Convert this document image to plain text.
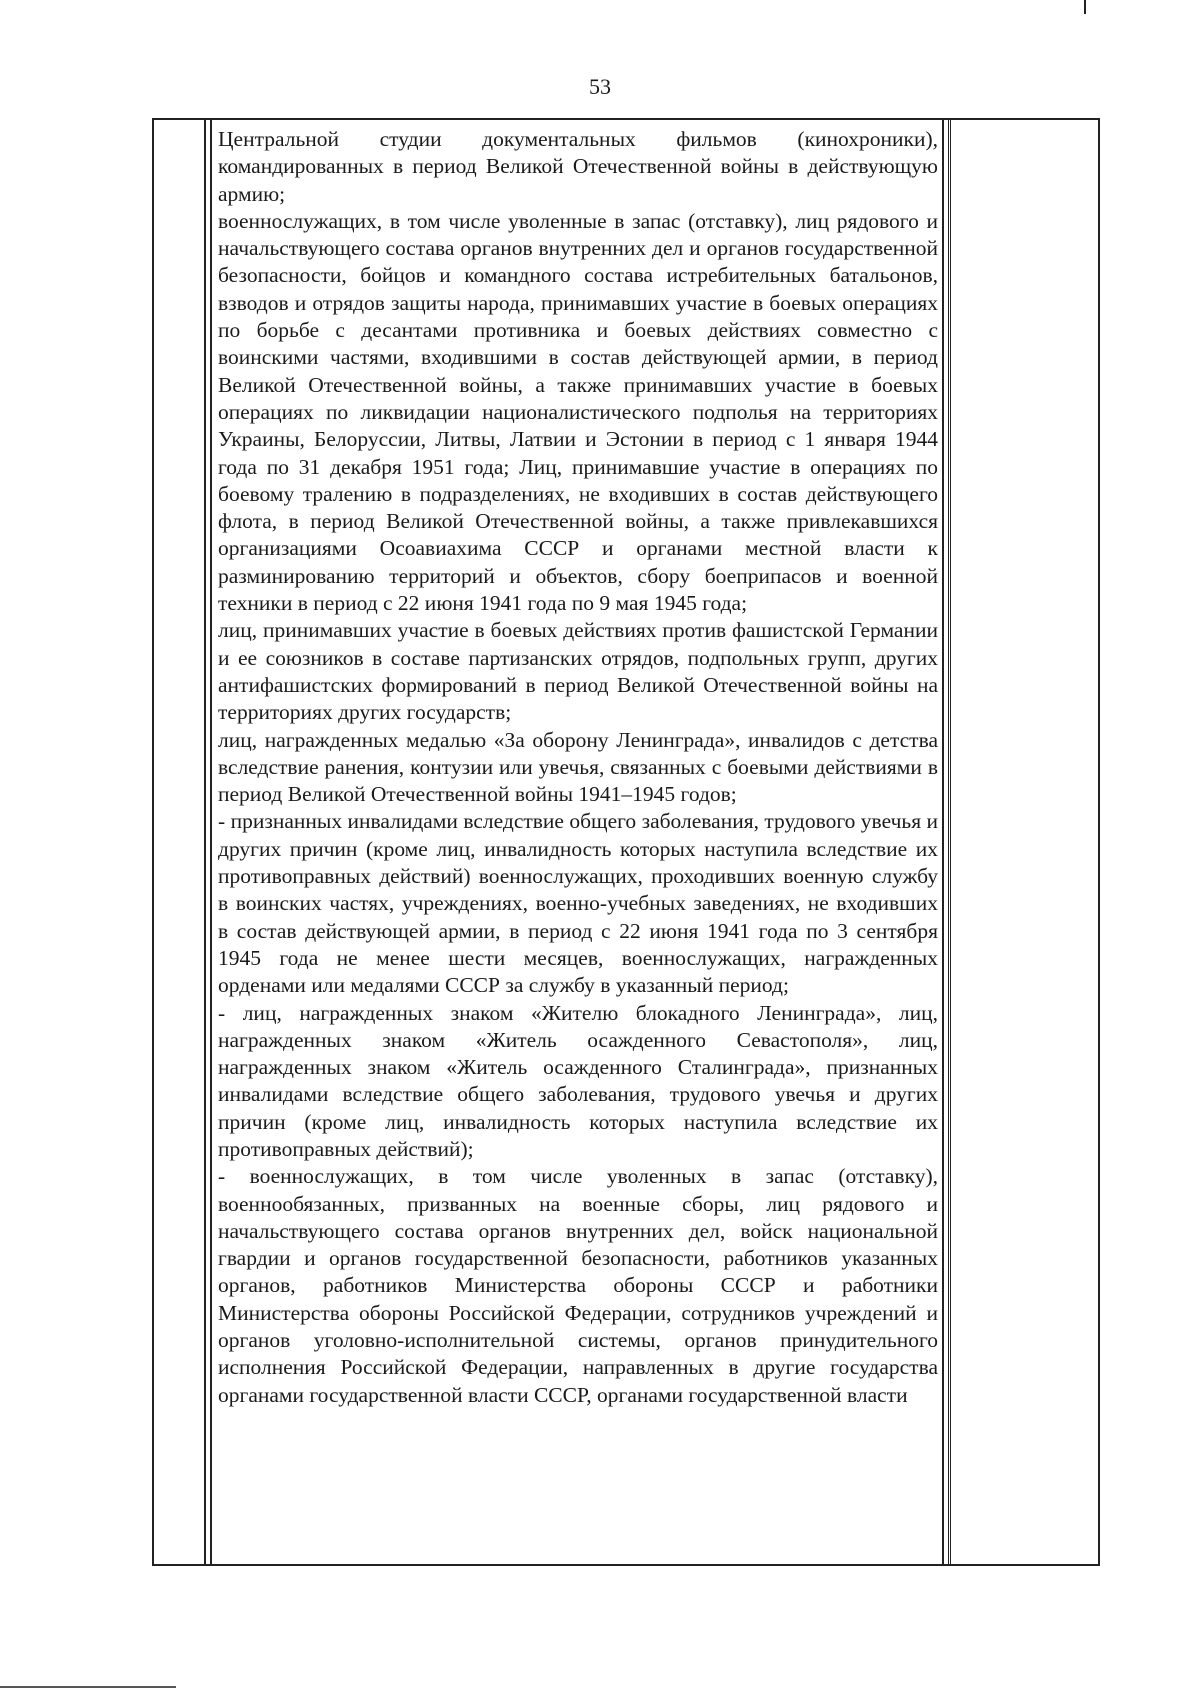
53

Центральной студии документальных фильмов (кинохроники), командированных в период Великой Отечественной войны в действующую армию;

военнослужащих, в том числе уволенные в запас (отставку), лиц рядового и начальствующего состава органов внутренних дел и органов государственной безопасности, бойцов и командного состава истребительных батальонов, взводов и отрядов защиты народа, принимавших участие в боевых операциях по борьбе с десантами противника и боевых действиях совместно с воинскими частями, входившими в состав действующей армии, в период Великой Отечественной войны, а также принимавших участие в боевых операциях по ликвидации националистического подполья на территориях Украины, Белоруссии, Литвы, Латвии и Эстонии в период с 1 января 1944 года по 31 декабря 1951 года; Лиц, принимавшие участие в операциях по боевому тралению в подразделениях, не входивших в состав действующего флота, в период Великой Отечественной войны, а также привлекавшихся организациями Осоавиахима СССР и органами местной власти к разминированию территорий и объектов, сбору боеприпасов и военной техники в период с 22 июня 1941 года по 9 мая 1945 года;

лиц, принимавших участие в боевых действиях против фашистской Германии и ее союзников в составе партизанских отрядов, подпольных групп, других антифашистских формирований в период Великой Отечественной войны на территориях других государств;

лиц, награжденных медалью «За оборону Ленинграда», инвалидов с детства вследствие ранения, контузии или увечья, связанных с боевыми действиями в период Великой Отечественной войны 1941–1945 годов;

- признанных инвалидами вследствие общего заболевания, трудового увечья и других причин (кроме лиц, инвалидность которых наступила вследствие их противоправных действий) военнослужащих, проходивших военную службу в воинских частях, учреждениях, военно-учебных заведениях, не входивших в состав действующей армии, в период с 22 июня 1941 года по 3 сентября 1945 года не менее шести месяцев, военнослужащих, награжденных орденами или медалями СССР за службу в указанный период;

- лиц, награжденных знаком «Жителю блокадного Ленинграда», лиц, награжденных знаком «Житель осажденного Севастополя», лиц, награжденных знаком «Житель осажденного Сталинграда», признанных инвалидами вследствие общего заболевания, трудового увечья и других причин (кроме лиц, инвалидность которых наступила вследствие их противоправных действий);

- военнослужащих, в том числе уволенных в запас (отставку), военнообязанных, призванных на военные сборы, лиц рядового и начальствующего состава органов внутренних дел, войск национальной гвардии и органов государственной безопасности, работников указанных органов, работников Министерства обороны СССР и работники Министерства обороны Российской Федерации, сотрудников учреждений и органов уголовно-исполнительной системы, органов принудительного исполнения Российской Федерации, направленных в другие государства органами государственной власти СССР, органами государственной власти
